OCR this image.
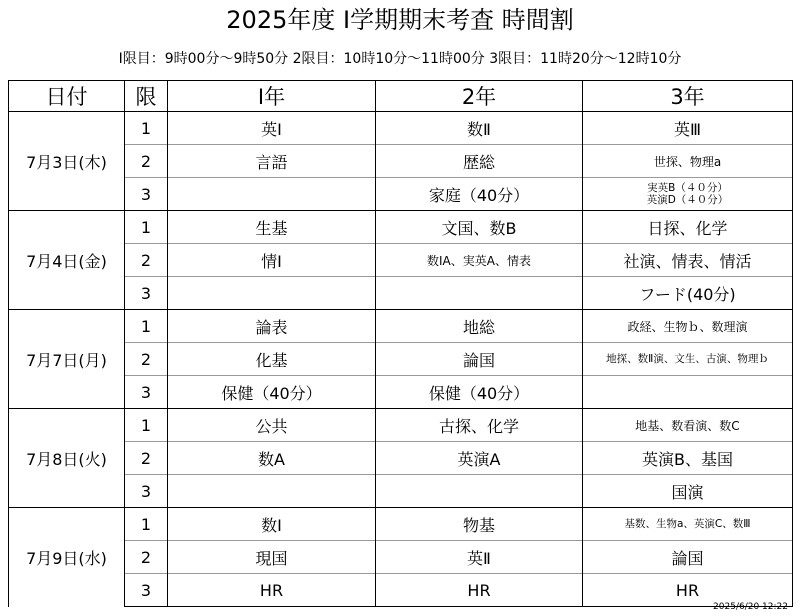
2025年度 Ⅰ学期期末考査 時間割
Ⅰ限目：9時00分～9時50分 2限目：10時10分～11時00分 3限目：11時20分～12時10分
日付	限	Ⅰ年	2年	3年
7月3日(木)	1	英Ⅰ	数Ⅱ	英Ⅲ
	2	言語	歴総	世探、物理a
	3		家庭（40分）	実英B（４０分）
英演D（４０分）

7月4日(金)	1	生基	文国、数B	日探、化学
	2	情Ⅰ	数ⅠA、実英A、情表	社演、情表、情活
	3			フード(40分)
7月7日(月)	1	論表	地総	政経、生物ｂ、数理演
	2	化基	論国	地探、数Ⅱ演、文生、古演、物理ｂ
	3	保健（40分）	保健（40分）	
7月8日(火)	1	公共	古探、化学	地基、数看演、数C
	2	数A	英演A	英演B、基国
	3			国演
7月9日(水)	1	数Ⅰ	物基	基数、生物a、英演C、数Ⅲ
	2	現国	英Ⅱ	論国
	3	HR	HR	HR
2025/6/20 12:22
